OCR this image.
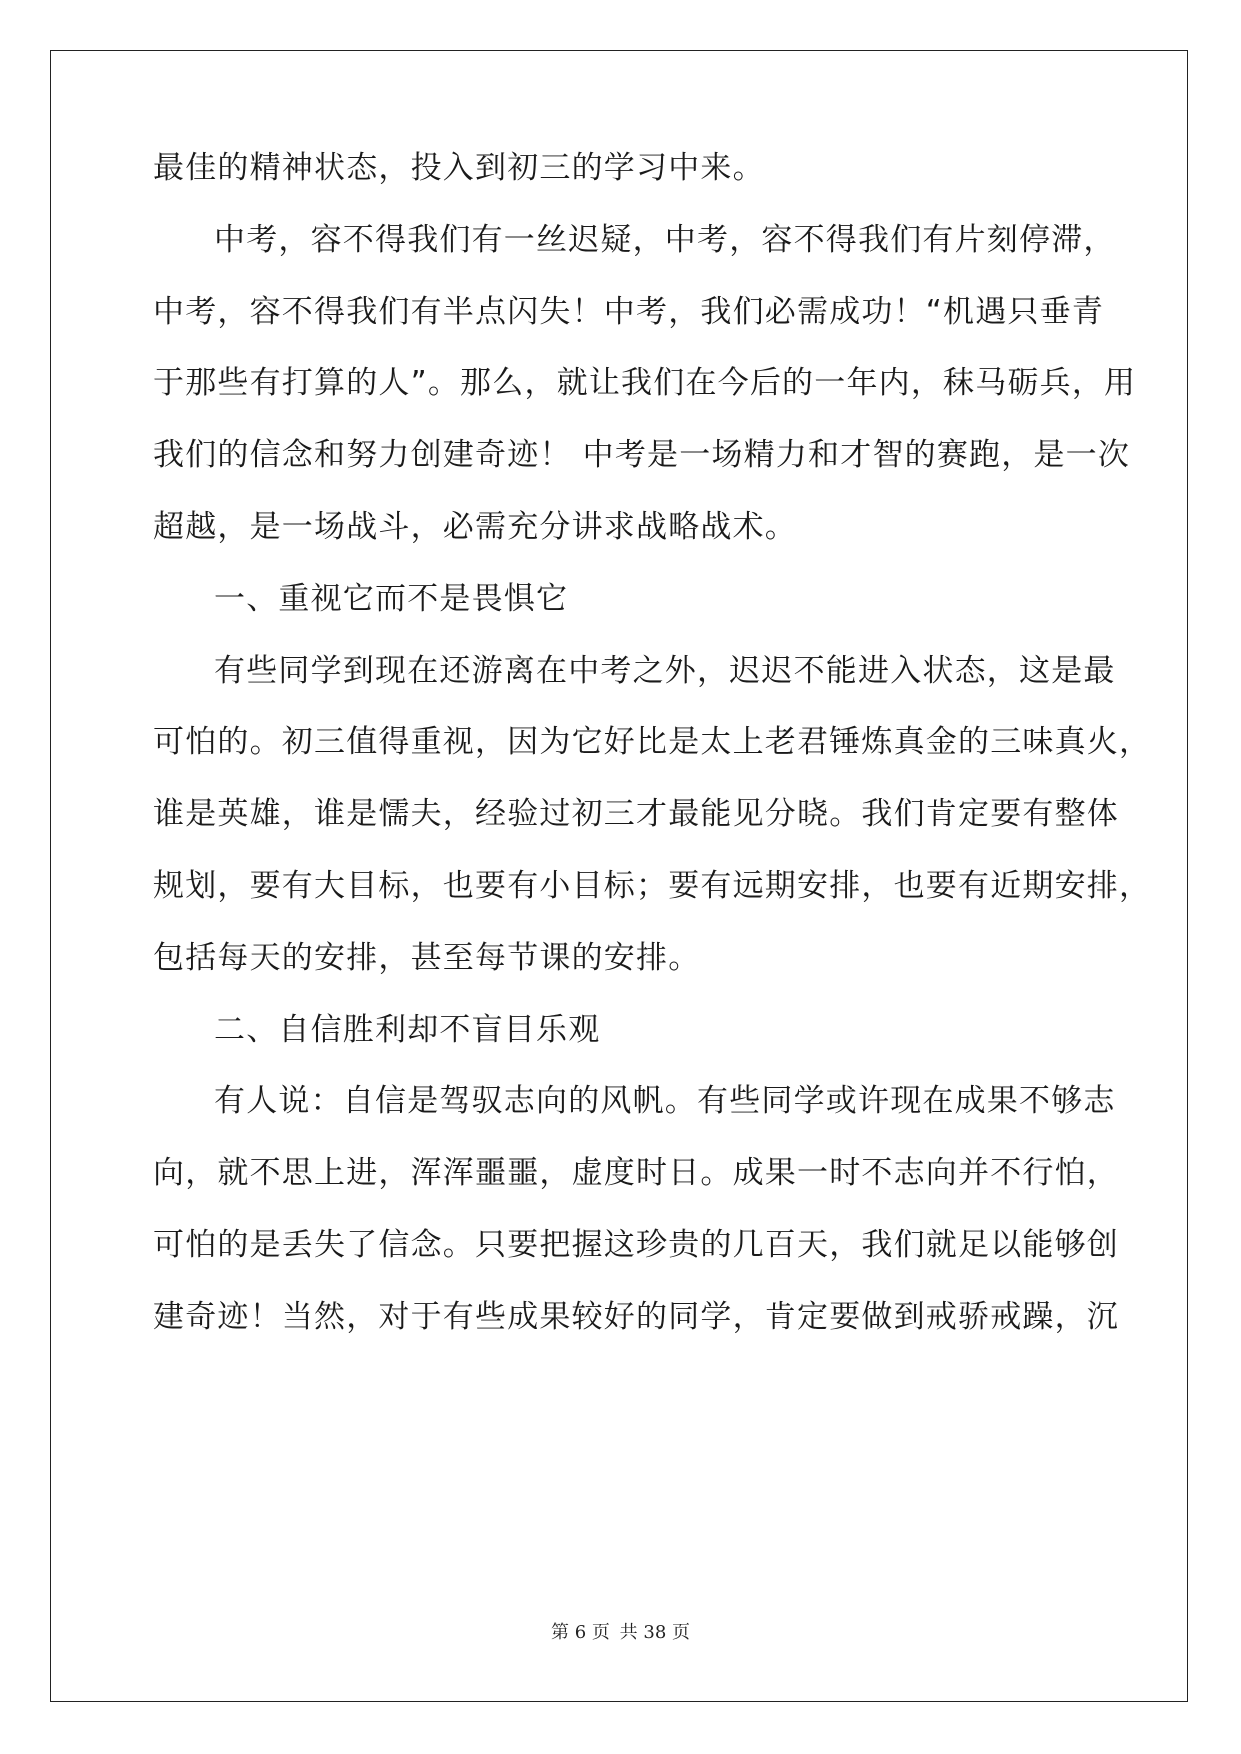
最佳的精神状态，投入到初三的学习中来。
中考，容不得我们有一丝迟疑，中考，容不得我们有片刻停滞，
中考，容不得我们有半点闪失！中考，我们必需成功！“机遇只垂青
于那些有打算的人”。那么，就让我们在今后的一年内，秣马砺兵，用
我们的信念和努力创建奇迹！ 中考是一场精力和才智的赛跑，是一次
超越，是一场战斗，必需充分讲求战略战术。
一、重视它而不是畏惧它
有些同学到现在还游离在中考之外，迟迟不能进入状态，这是最
可怕的。初三值得重视，因为它好比是太上老君锤炼真金的三味真火，
谁是英雄，谁是懦夫，经验过初三才最能见分晓。我们肯定要有整体
规划，要有大目标，也要有小目标；要有远期安排，也要有近期安排，
包括每天的安排，甚至每节课的安排。
二、自信胜利却不盲目乐观
有人说：自信是驾驭志向的风帆。有些同学或许现在成果不够志
向，就不思上进，浑浑噩噩，虚度时日。成果一时不志向并不行怕，
可怕的是丢失了信念。只要把握这珍贵的几百天，我们就足以能够创
建奇迹！当然，对于有些成果较好的同学，肯定要做到戒骄戒躁，沉
第 6 页 共 38 页
